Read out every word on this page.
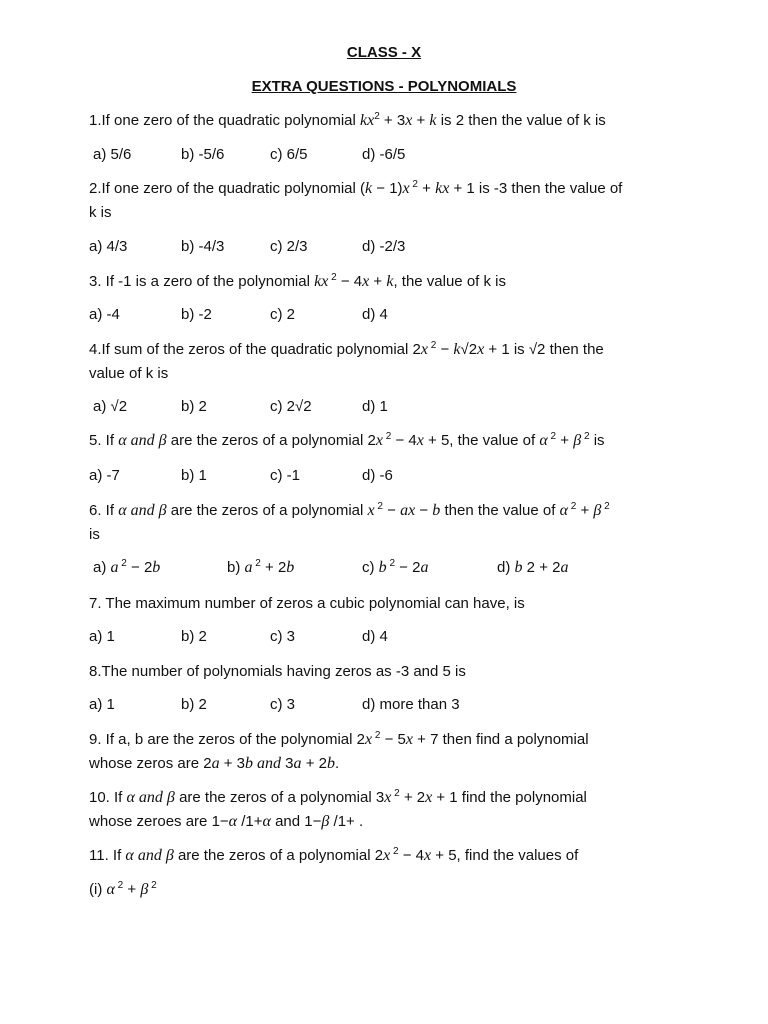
CLASS - X
EXTRA QUESTIONS - POLYNOMIALS
1.If one zero of the quadratic polynomial $kx^2 + 3x + k$ is 2 then the value of k is
a) 5/6	b) -5/6	c) 6/5	d) -6/5
2.If one zero of the quadratic polynomial (k − 1)x $^2$ + kx + 1 is -3 then the value of
k is
a) 4/3	b) -4/3	c) 2/3	d) -2/3
3. If -1 is a zero of the polynomial kx $^2$ − 4x + k, the value of k is
a) -4	b) -2	c) 2	d) 4
4.If sum of the zeros of the quadratic polynomial 2x $^2$ − k√2x + 1 is √2 then the
value of k is
a) √2	b) 2	c) 2√2	d) 1
5. If α and β are the zeros of a polynomial 2x $^2$ − 4x + 5, the value of α $^2$ + β $^2$ is
a) -7	b) 1	c) -1	d) -6
6. If α and β are the zeros of a polynomial x $^2$ − ax − b then the value of α $^2$ + β $^2$
is
a) a $^2$ − 2b	b) a $^2$ + 2b	c) b $^2$ − 2a	d) b 2 + 2a
7. The maximum number of zeros a cubic polynomial can have, is
a) 1	b) 2	c) 3	d) 4
8.The number of polynomials having zeros as -3 and 5 is
a) 1	b) 2	c) 3	d) more than 3
9. If a, b are the zeros of the polynomial 2x $^2$ − 5x + 7 then find a polynomial
whose zeros are 2a + 3b and 3a + 2b.
10. If α and β are the zeros of a polynomial 3x $^2$ + 2x + 1 find the polynomial
whose zeroes are 1−α /1+α and 1−β /1+ .
11. If α and β are the zeros of a polynomial 2x $^2$ − 4x + 5, find the values of
(i) α $^2$ + β $^2$
